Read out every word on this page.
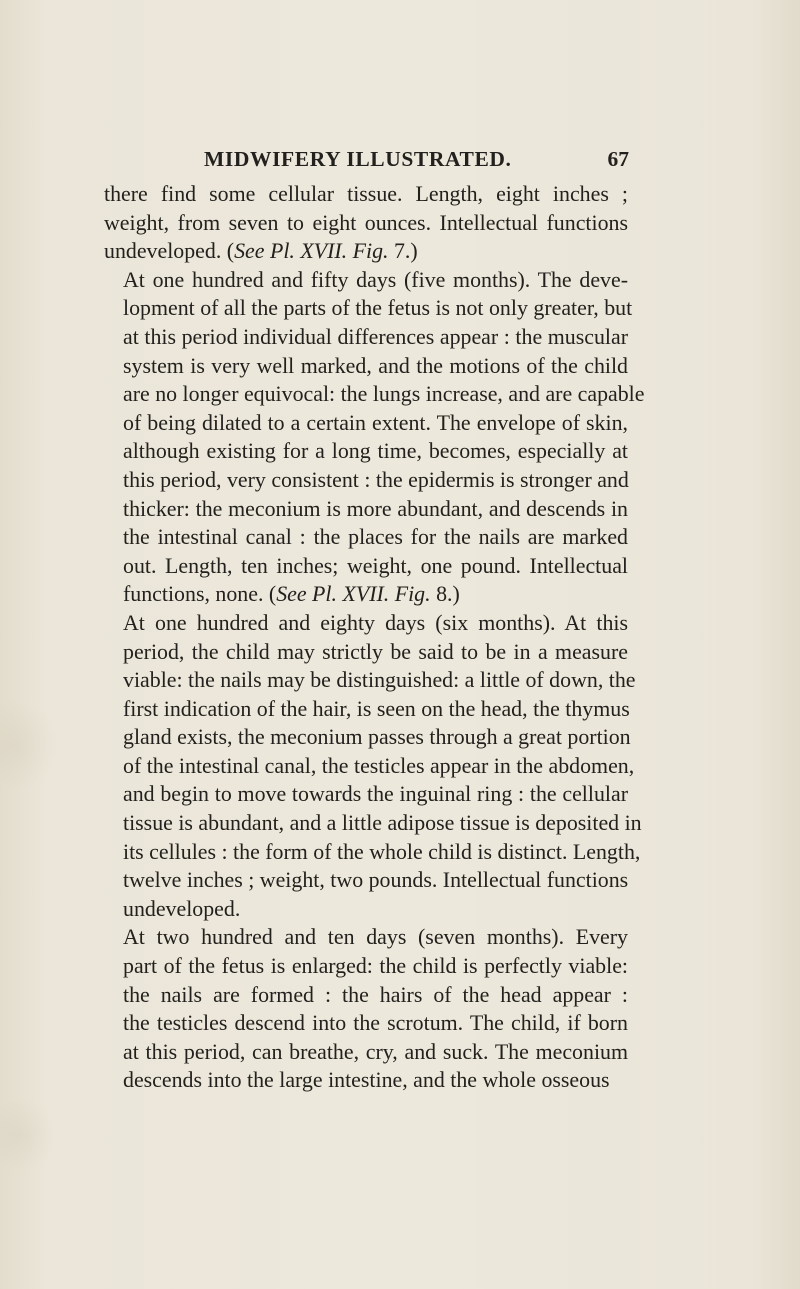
MIDWIFERY ILLUSTRATED.	67

there find some cellular tissue. Length, eight inches ;
weight, from seven to eight ounces. Intellectual functions
undeveloped. (See Pl. XVII. Fig. 7.)

At one hundred and fifty days (five months). The deve-
lopment of all the parts of the fetus is not only greater, but
at this period individual differences appear : the muscular
system is very well marked, and the motions of the child
are no longer equivocal: the lungs increase, and are capable
of being dilated to a certain extent. The envelope of skin,
although existing for a long time, becomes, especially at
this period, very consistent : the epidermis is stronger and
thicker: the meconium is more abundant, and descends in
the intestinal canal : the places for the nails are marked
out. Length, ten inches; weight, one pound. Intellectual
functions, none. (See Pl. XVII. Fig. 8.)

At one hundred and eighty days (six months). At this
period, the child may strictly be said to be in a measure
viable: the nails may be distinguished: a little of down, the
first indication of the hair, is seen on the head, the thymus
gland exists, the meconium passes through a great portion
of the intestinal canal, the testicles appear in the abdomen,
and begin to move towards the inguinal ring : the cellular
tissue is abundant, and a little adipose tissue is deposited in
its cellules : the form of the whole child is distinct. Length,
twelve inches ; weight, two pounds. Intellectual functions
undeveloped.

At two hundred and ten days (seven months). Every
part of the fetus is enlarged: the child is perfectly viable:
the nails are formed : the hairs of the head appear :
the testicles descend into the scrotum. The child, if born
at this period, can breathe, cry, and suck. The meconium
descends into the large intestine, and the whole osseous
